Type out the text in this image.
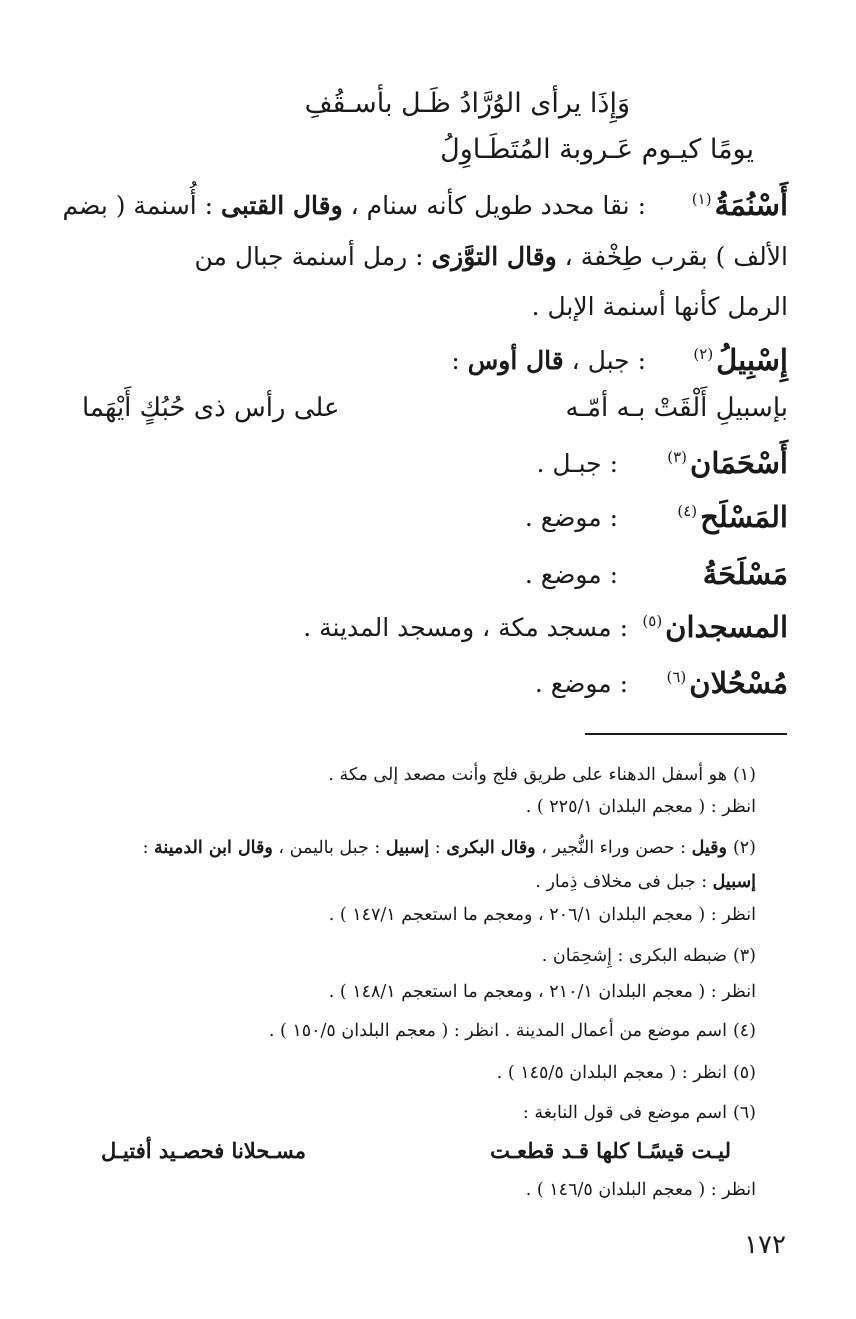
وَإِذَا يرأى الوُرَّادُ ظَـل بأسـقُفِ
يومًا كيـوم عَـروبة المُتَطَـاوِلُ
أَسْنُمَةُ$^{(١)}$
: نقا محدد طويل كأنه سنام ، وقال القتبى : أُسنمة ( بضم
الألف ) بقرب طِخْفة ، وقال التوَّزى : رمل أسنمة جبال من
الرمل كأنها أسنمة الإبل .
إِسْبِيلُ$^{(٢)}$
: جبل ، قال أوس :
بإسبيلِ أَلْقَتْ بـه أمّـه
على رأس ذى حُبُكٍ أَيْهَما
أَسْحَمَان$^{(٣)}$
: جبـل .
المَسْلَح$^{(٤)}$
: موضع .
مَسْلَحَةُ
: موضع .
المسجدان$^{(٥)}$
: مسجد مكة ، ومسجد المدينة .
مُسْحُلان$^{(٦)}$
: موضع .
(١)هو أسفل الدهناء على طريق فلج وأنت مصعد إلى مكة .
انظر : ( معجم البلدان ٢٢٥/١ ) .
(٢)وقيل : حصن وراء النُّجير ، وقال البكرى : إسبيل : جبل باليمن ، وقال ابن الدمينة :
إسبيل : جبل فى مخلاف ذِمار .
انظر : ( معجم البلدان ٢٠٦/١ ، ومعجم ما استعجم ١٤٧/١ ) .
(٣)ضبطه البكرى : إِشحِمَان .
انظر : ( معجم البلدان ٢١٠/١ ، ومعجم ما استعجم ١٤٨/١ ) .
(٤)اسم موضع من أعمال المدينة . انظر : ( معجم البلدان ١٥٠/٥ ) .
(٥)انظر : ( معجم البلدان ١٤٥/٥ ) .
(٦)اسم موضع فى قول النابغة :
ليـت قيسًـا كلها قـد قطعـت
مسـحلانا فحصـيد أفتيـل
انظر : ( معجم البلدان ١٤٦/٥ ) .
١٧٢
